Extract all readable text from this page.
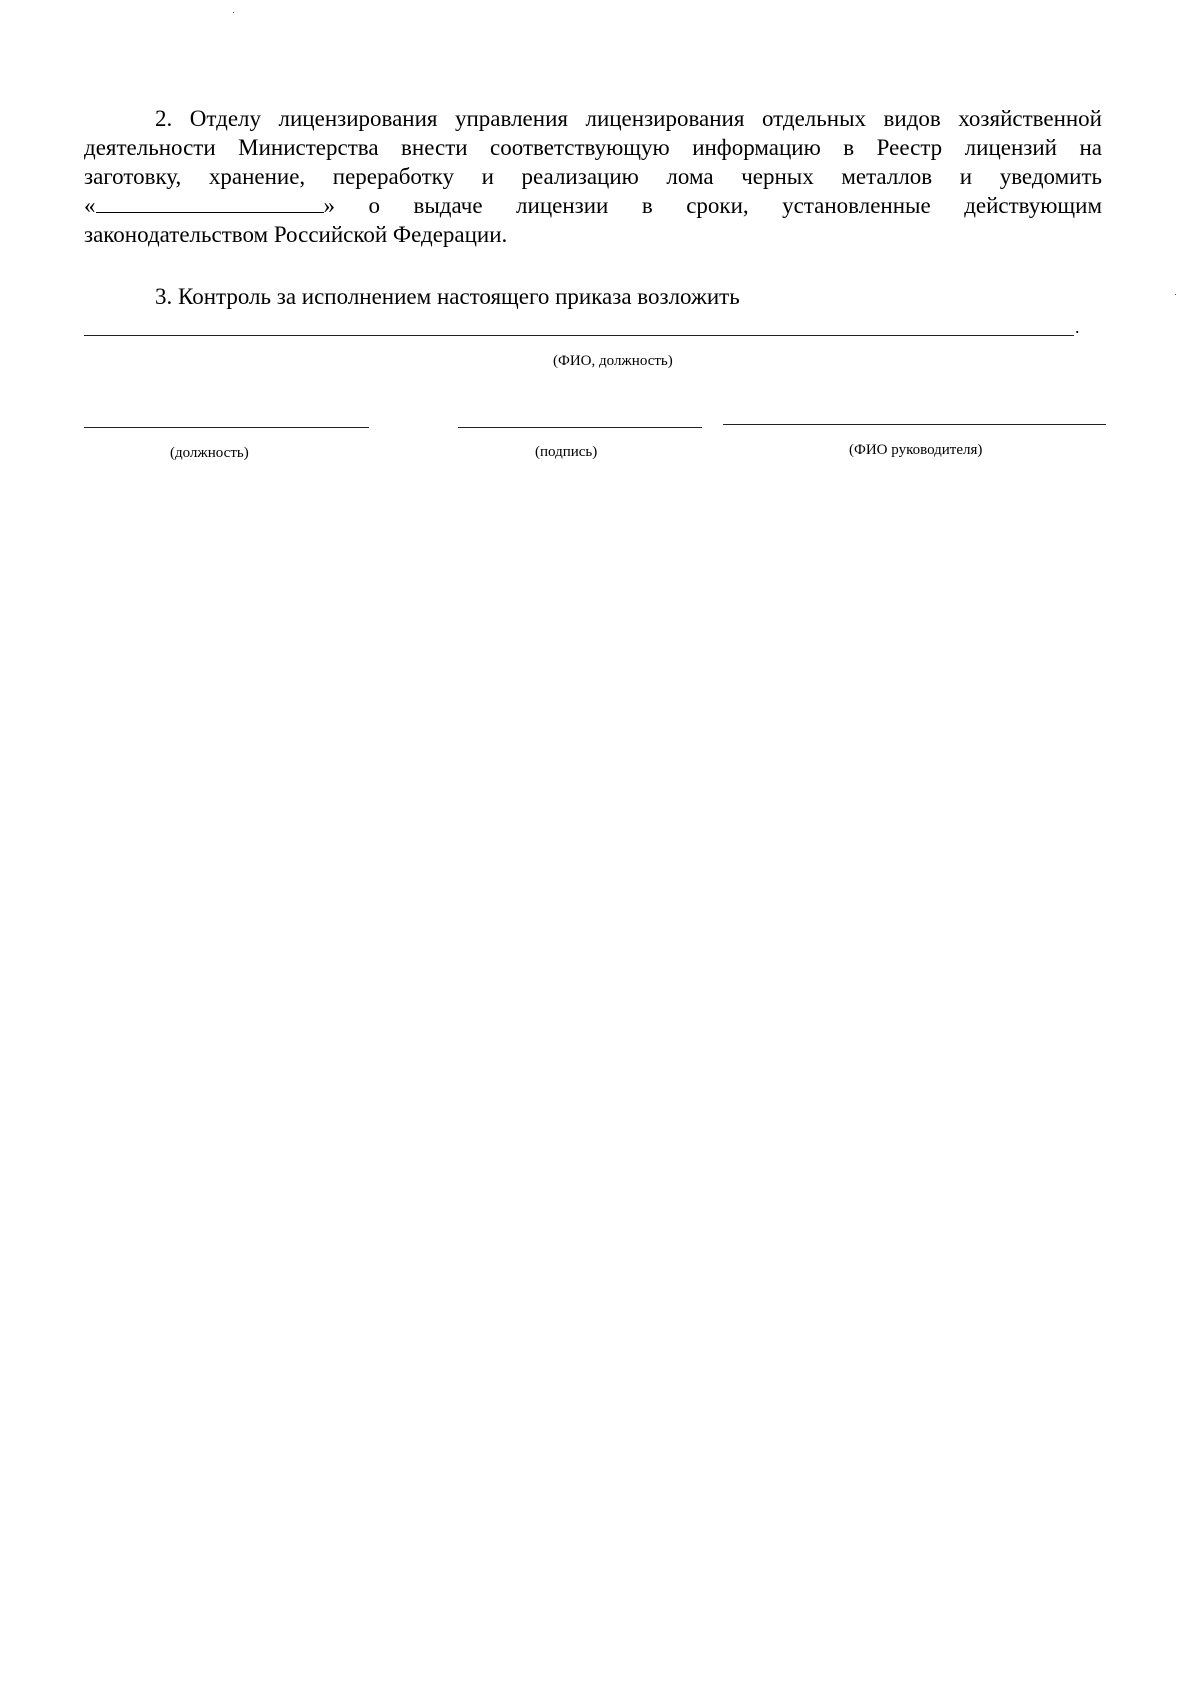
2. Отделу лицензирования управления лицензирования отдельных видов хозяйственной
деятельности Министерства внести соответствующую информацию в Реестр лицензий на
заготовку, хранение, переработку и реализацию лома черных металлов и уведомить
«	» о выдаче лицензии в сроки, установленные действующим
законодательством Российской Федерации.
3. Контроль за исполнением настоящего приказа возложить
.
(ФИО, должность)
(должность)	(подпись)	(ФИО руководителя)
